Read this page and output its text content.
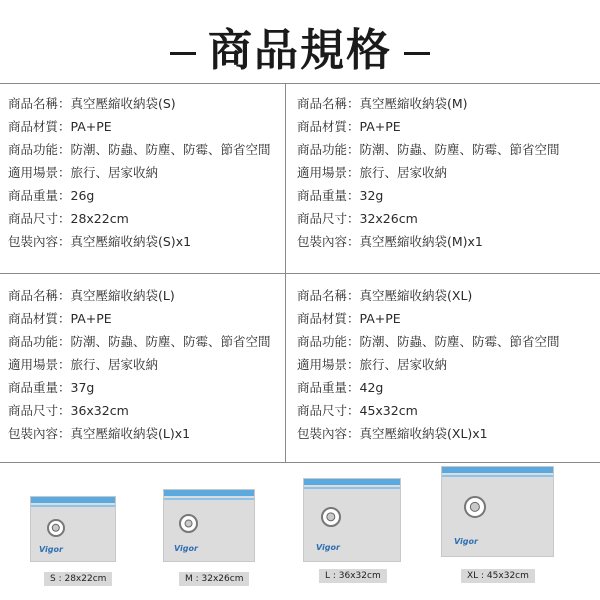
商品規格
商品名稱：真空壓縮收納袋(S)
商品材質：PA+PE
商品功能：防潮、防蟲、防塵、防霉、節省空間
適用場景：旅行、居家收納
商品重量：26g
商品尺寸：28x22cm
包裝內容：真空壓縮收納袋(S)x1
商品名稱：真空壓縮收納袋(M)
商品材質：PA+PE
商品功能：防潮、防蟲、防塵、防霉、節省空間
適用場景：旅行、居家收納
商品重量：32g
商品尺寸：32x26cm
包裝內容：真空壓縮收納袋(M)x1
商品名稱：真空壓縮收納袋(L)
商品材質：PA+PE
商品功能：防潮、防蟲、防塵、防霉、節省空間
適用場景：旅行、居家收納
商品重量：37g
商品尺寸：36x32cm
包裝內容：真空壓縮收納袋(L)x1
商品名稱：真空壓縮收納袋(XL)
商品材質：PA+PE
商品功能：防潮、防蟲、防塵、防霉、節省空間
適用場景：旅行、居家收納
商品重量：42g
商品尺寸：45x32cm
包裝內容：真空壓縮收納袋(XL)x1
Vigor
S : 28x22cm
Vigor
M : 32x26cm
Vigor
L : 36x32cm
Vigor
XL : 45x32cm
